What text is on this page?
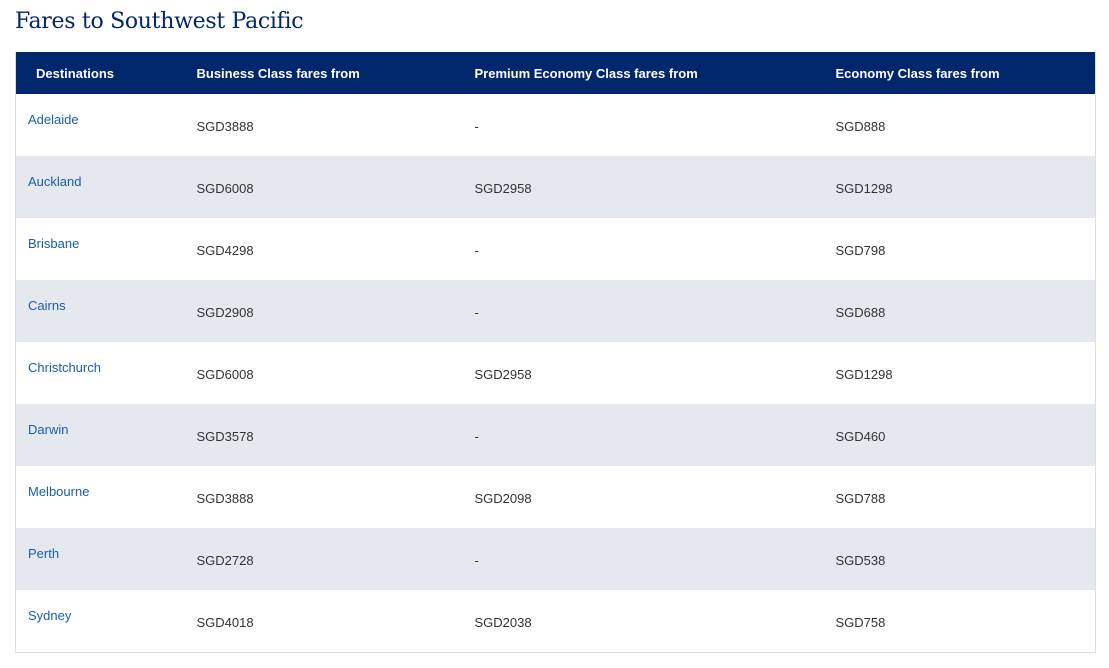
Fares to Southwest Pacific
Destinations	Business Class fares from	Premium Economy Class fares from	Economy Class fares from
Adelaide	SGD3888	-	SGD888
Auckland	SGD6008	SGD2958	SGD1298
Brisbane	SGD4298	-	SGD798
Cairns	SGD2908	-	SGD688
Christchurch	SGD6008	SGD2958	SGD1298
Darwin	SGD3578	-	SGD460
Melbourne	SGD3888	SGD2098	SGD788
Perth	SGD2728	-	SGD538
Sydney	SGD4018	SGD2038	SGD758
